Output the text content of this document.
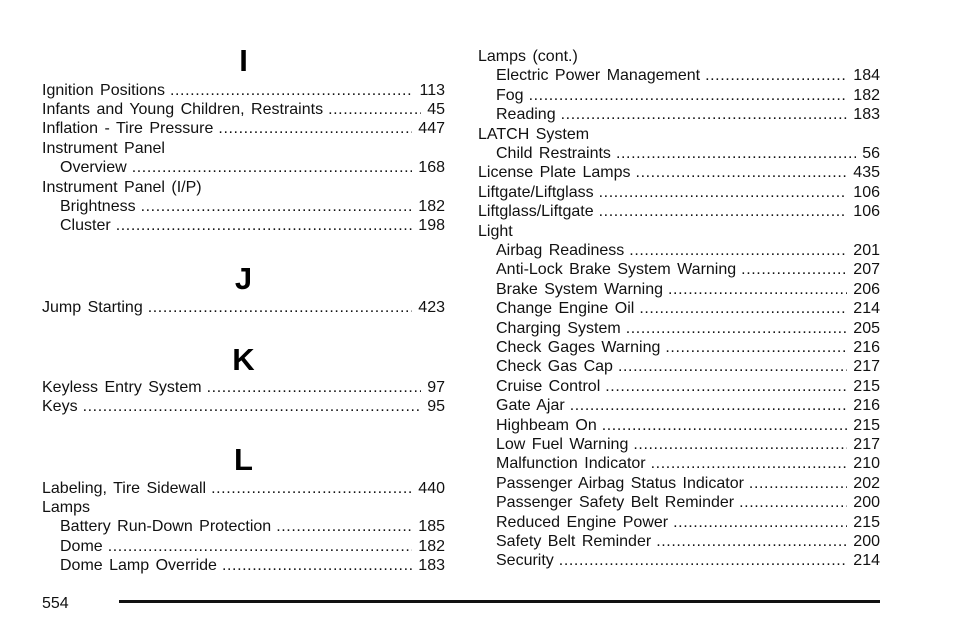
I
Ignition Positions .....	113
Infants and Young Children, Restraints .....	45
Inflation - Tire Pressure .....	447
Instrument Panel
Overview .....	168
Instrument Panel (I/P)
Brightness .....	182
Cluster .....	198
J
Jump Starting .....	423
K
Keyless Entry System .....	97
Keys .....	95
L
Labeling, Tire Sidewall .....	440
Lamps
Battery Run-Down Protection .....	185
Dome .....	182
Dome Lamp Override .....	183
Lamps (cont.)
Electric Power Management .....	184
Fog .....	182
Reading .....	183
LATCH System
Child Restraints .....	56
License Plate Lamps .....	435
Liftgate/Liftglass .....	106
Liftglass/Liftgate .....	106
Light
Airbag Readiness .....	201
Anti-Lock Brake System Warning .....	207
Brake System Warning .....	206
Change Engine Oil .....	214
Charging System .....	205
Check Gages Warning .....	216
Check Gas Cap .....	217
Cruise Control .....	215
Gate Ajar .....	216
Highbeam On .....	215
Low Fuel Warning .....	217
Malfunction Indicator .....	210
Passenger Airbag Status Indicator .....	202
Passenger Safety Belt Reminder .....	200
Reduced Engine Power .....	215
Safety Belt Reminder .....	200
Security .....	214
554
